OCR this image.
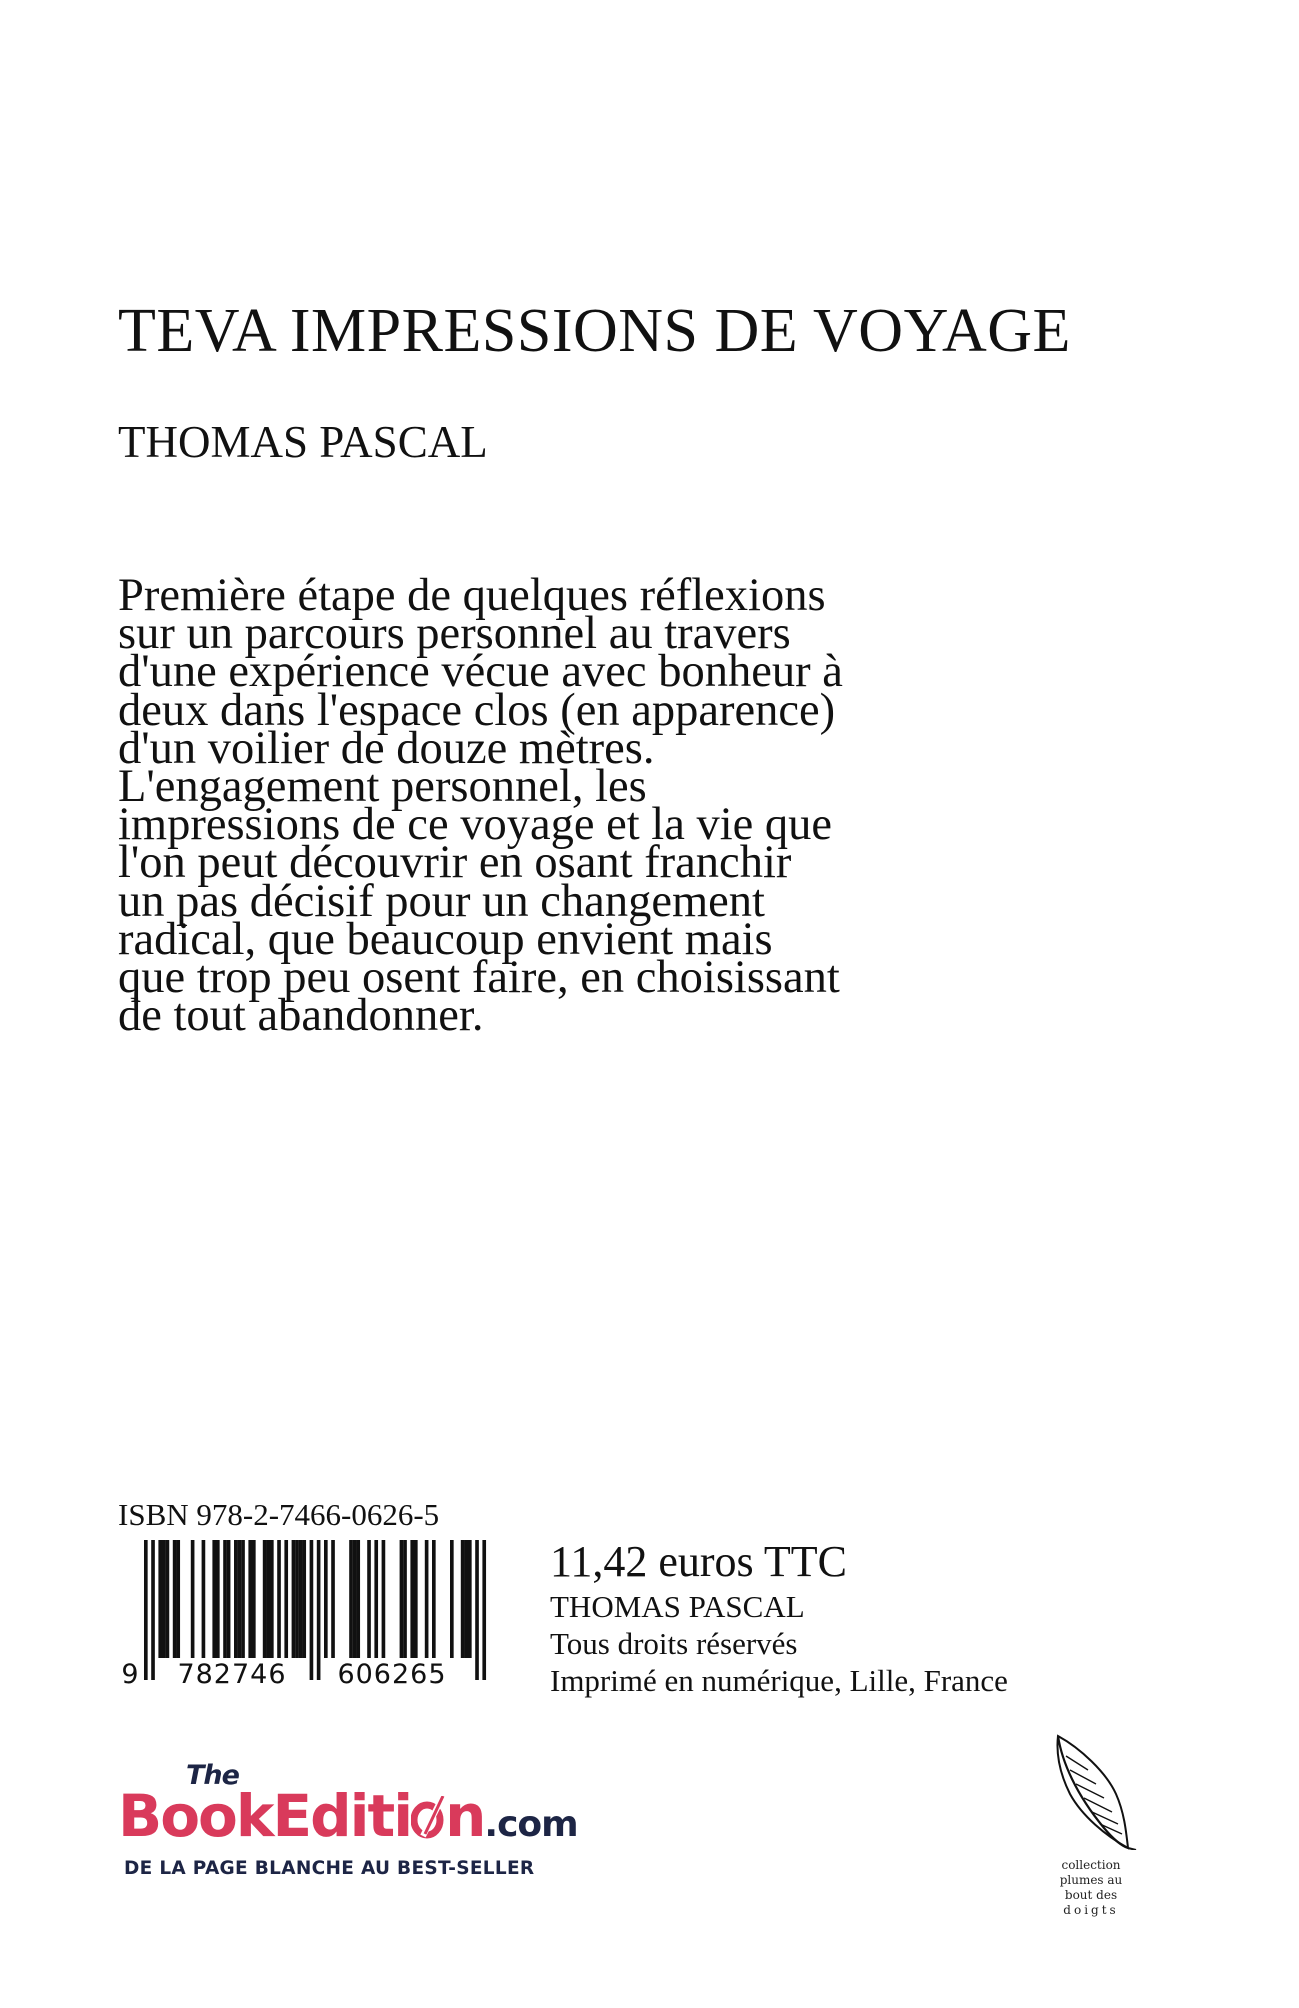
TEVA IMPRESSIONS DE VOYAGE
THOMAS PASCAL
Première étape de quelques réflexions
sur un parcours personnel au travers
d'une expérience vécue avec bonheur à
deux dans l'espace clos (en apparence)
d'un voilier de douze mètres.
L'engagement personnel, les
impressions de ce voyage et la vie que
l'on peut découvrir en osant franchir
un pas décisif pour un changement
radical, que beaucoup envient mais
que trop peu osent faire, en choisissant
de tout abandonner.
ISBN 978-2-7466-0626-5
9 782746 606265
11,42 euros TTC
THOMAS PASCAL
Tous droits réservés
Imprimé en numérique, Lille, France
collection
plumes au
bout des
doigts
The
BookEditi n.com
DE LA PAGE BLANCHE AU BEST-SELLER
